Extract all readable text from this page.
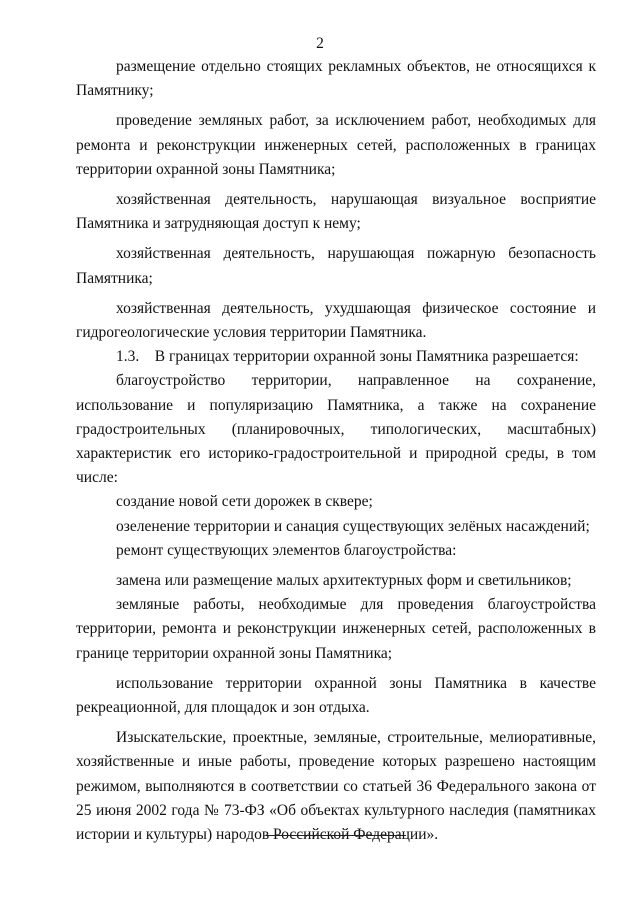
2

размещение отдельно стоящих рекламных объектов, не относящихся к Памятнику;

проведение земляных работ, за исключением работ, необходимых для ремонта и реконструкции инженерных сетей, расположенных в границах территории охранной зоны Памятника;

хозяйственная деятельность, нарушающая визуальное восприятие Памятника и затрудняющая доступ к нему;

хозяйственная деятельность, нарушающая пожарную безопасность Памятника;

хозяйственная деятельность, ухудшающая физическое состояние и гидрогеологические условия территории Памятника.

1.3. В границах территории охранной зоны Памятника разрешается:

благоустройство территории, направленное на сохранение, использование и популяризацию Памятника, а также на сохранение градостроительных (планировочных, типологических, масштабных) характеристик его историко-градостроительной и природной среды, в том числе:

создание новой сети дорожек в сквере;

озеленение территории и санация существующих зелёных насаждений;

ремонт существующих элементов благоустройства:

замена или размещение малых архитектурных форм и светильников;

земляные работы, необходимые для проведения благоустройства территории, ремонта и реконструкции инженерных сетей, расположенных в границе территории охранной зоны Памятника;

использование территории охранной зоны Памятника в качестве рекреационной, для площадок и зон отдыха.

Изыскательские, проектные, земляные, строительные, мелиоративные, хозяйственные и иные работы, проведение которых разрешено настоящим режимом, выполняются в соответствии со статьей 36 Федерального закона от 25 июня 2002 года № 73-ФЗ «Об объектах культурного наследия (памятниках истории и культуры) народов Российской Федерации».
